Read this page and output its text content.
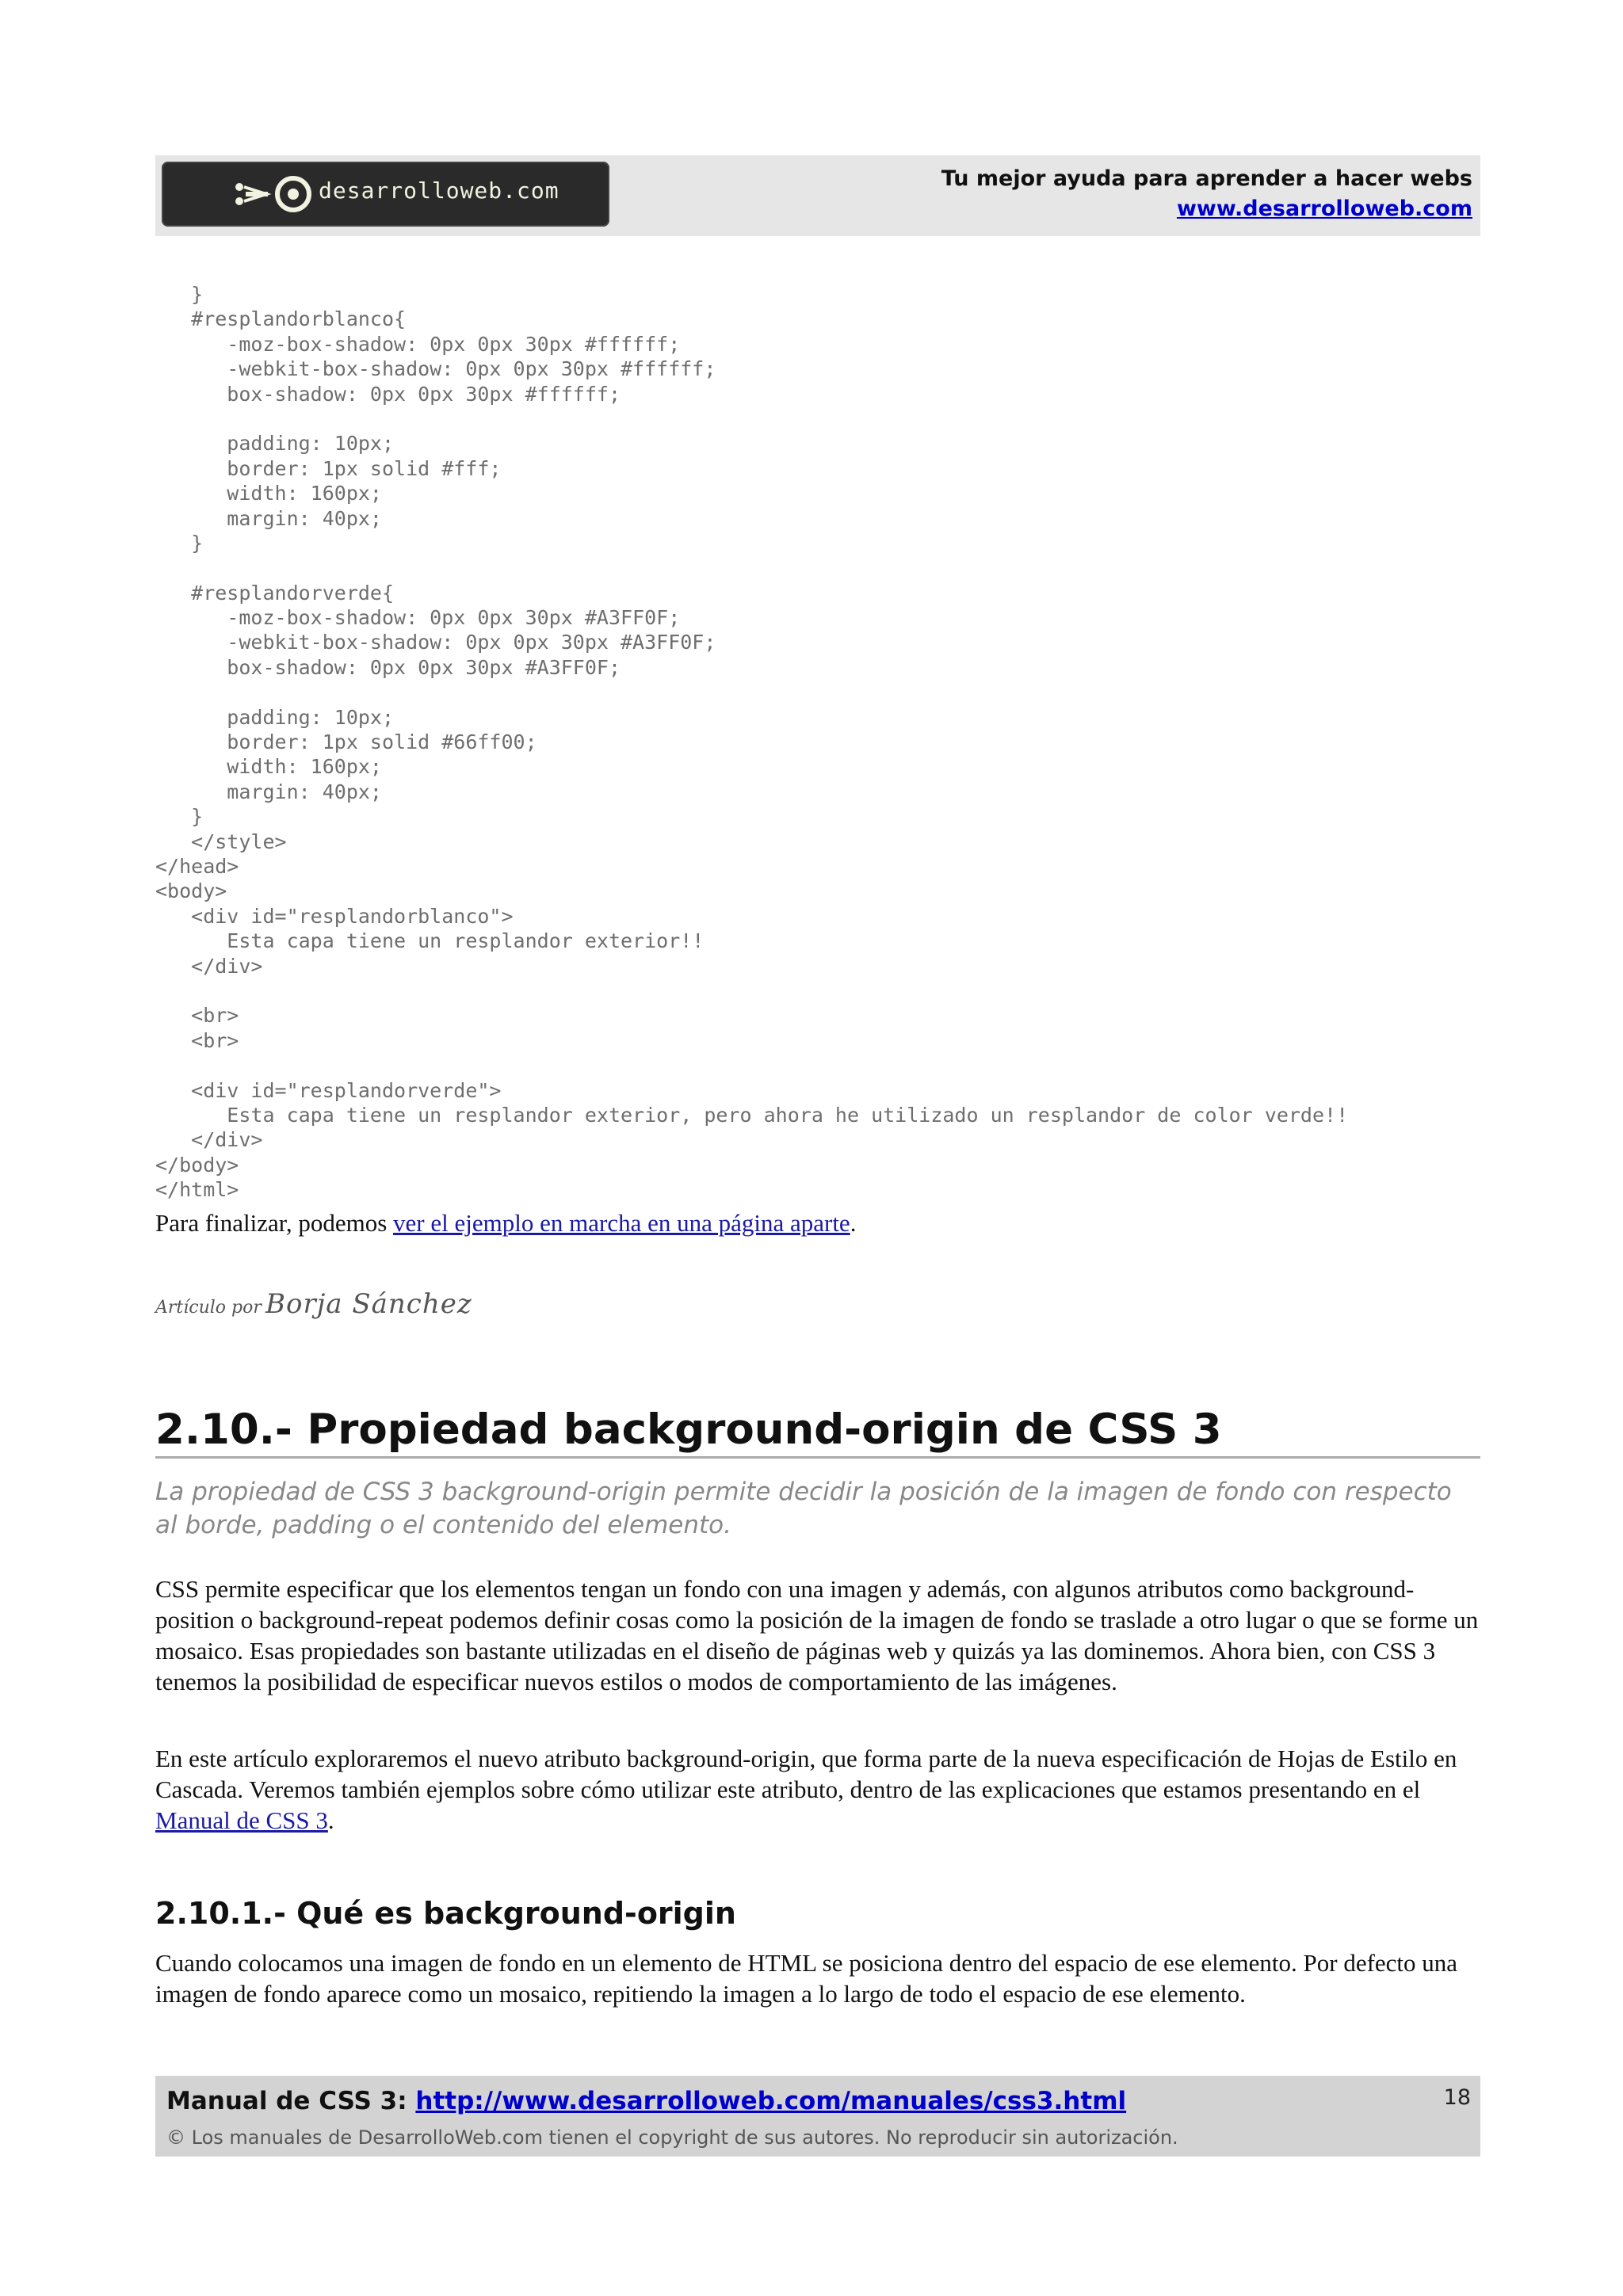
desarrolloweb.com	Tu mejor ayuda para aprender a hacer webs
www.desarrolloweb.com
}
#resplandorblanco{
-moz-box-shadow: 0px 0px 30px #ffffff;
-webkit-box-shadow: 0px 0px 30px #ffffff;
box-shadow: 0px 0px 30px #ffffff;
padding: 10px;
border: 1px solid #fff;
width: 160px;
margin: 40px;
}
#resplandorverde{
-moz-box-shadow: 0px 0px 30px #A3FF0F;
-webkit-box-shadow: 0px 0px 30px #A3FF0F;
box-shadow: 0px 0px 30px #A3FF0F;
padding: 10px;
border: 1px solid #66ff00;
width: 160px;
margin: 40px;
}
</style>
</head>
<body>
<div id="resplandorblanco">
Esta capa tiene un resplandor exterior!!
</div>
<br>
<br>
<div id="resplandorverde">
Esta capa tiene un resplandor exterior, pero ahora he utilizado un resplandor de color verde!!
</div>
</body>
</html>

Para finalizar, podemos ver el ejemplo en marcha en una página aparte.

Artículo por Borja Sánchez
2.10.- Propiedad background-origin de CSS 3

La propiedad de CSS 3 background-origin permite decidir la posición de la imagen de fondo con respecto al borde, padding o el contenido del elemento.

CSS permite especificar que los elementos tengan un fondo con una imagen y además, con algunos atributos como background-position o background-repeat podemos definir cosas como la posición de la imagen de fondo se traslade a otro lugar o que se forme un mosaico. Esas propiedades son bastante utilizadas en el diseño de páginas web y quizás ya las dominemos. Ahora bien, con CSS 3 tenemos la posibilidad de especificar nuevos estilos o modos de comportamiento de las imágenes.

En este artículo exploraremos el nuevo atributo background-origin, que forma parte de la nueva especificación de Hojas de Estilo en Cascada. Veremos también ejemplos sobre cómo utilizar este atributo, dentro de las explicaciones que estamos presentando en el Manual de CSS 3.

2.10.1.- Qué es background-origin

Cuando colocamos una imagen de fondo en un elemento de HTML se posiciona dentro del espacio de ese elemento. Por defecto una imagen de fondo aparece como un mosaico, repitiendo la imagen a lo largo de todo el espacio de ese elemento.

Manual de CSS 3: http://www.desarrolloweb.com/manuales/css3.html
© Los manuales de DesarrolloWeb.com tienen el copyright de sus autores. No reproducir sin autorización.
18
